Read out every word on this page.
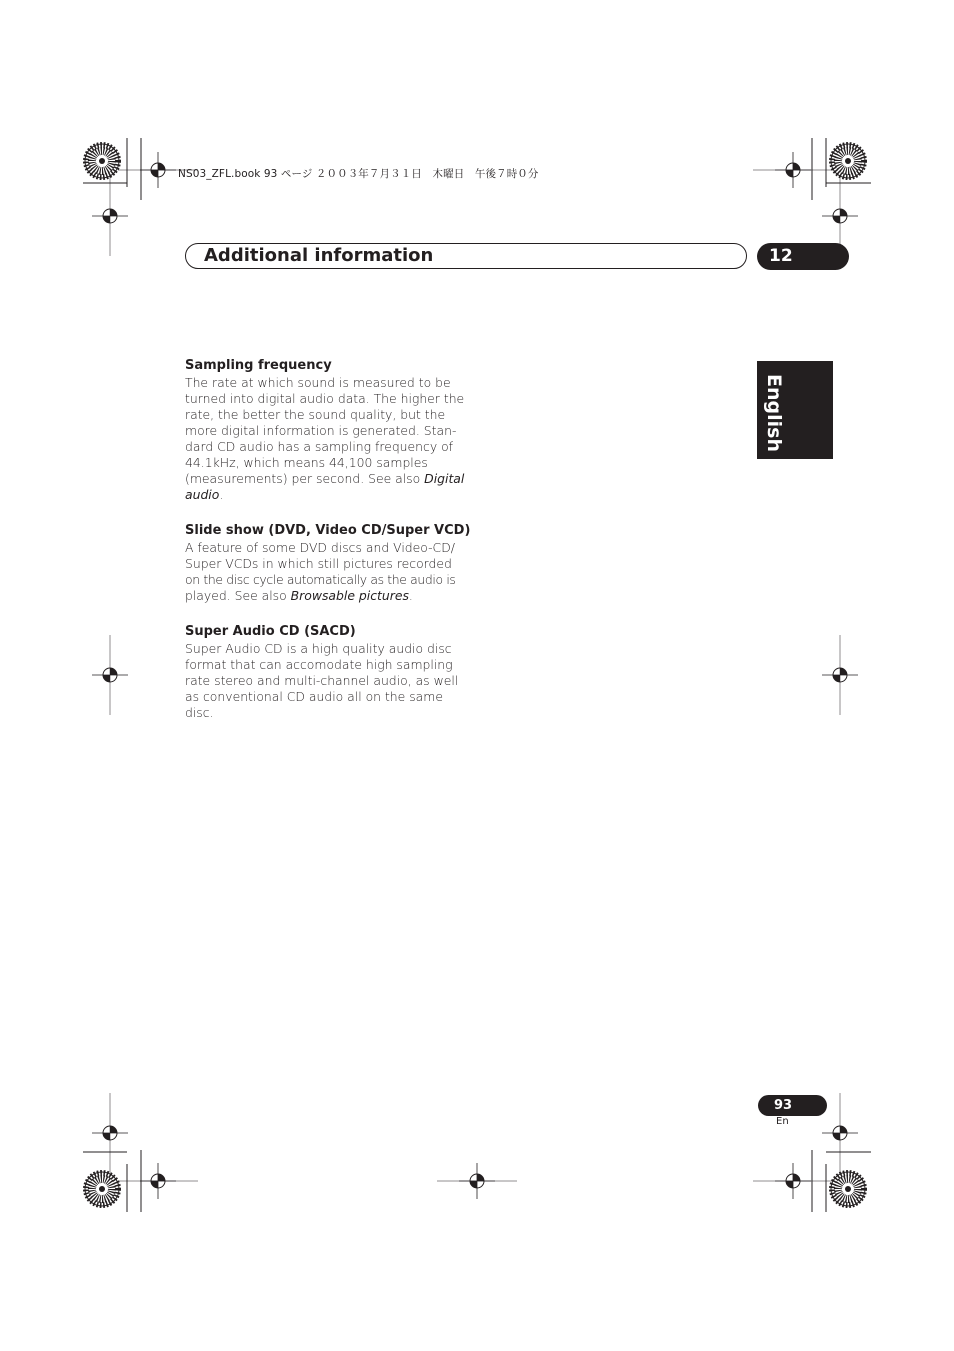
NS03_ZFL.book 93 ページ ２００３年７月３１日　木曜日　午後７時０分
Additional information	12
English
Sampling frequency

The rate at which sound is measured to be
turned into digital audio data. The higher the
rate, the better the sound quality, but the
more digital information is generated. Stan-
dard CD audio has a sampling frequency of
44.1kHz, which means 44,100 samples
(measurements) per second. See also Digital
audio.

Slide show (DVD, Video CD/Super VCD)

A feature of some DVD discs and Video-CD/
Super VCDs in which still pictures recorded
on the disc cycle automatically as the audio is
played. See also Browsable pictures.

Super Audio CD (SACD)

Super Audio CD is a high quality audio disc
format that can accomodate high sampling
rate stereo and multi-channel audio, as well
as conventional CD audio all on the same
disc.

93
En
